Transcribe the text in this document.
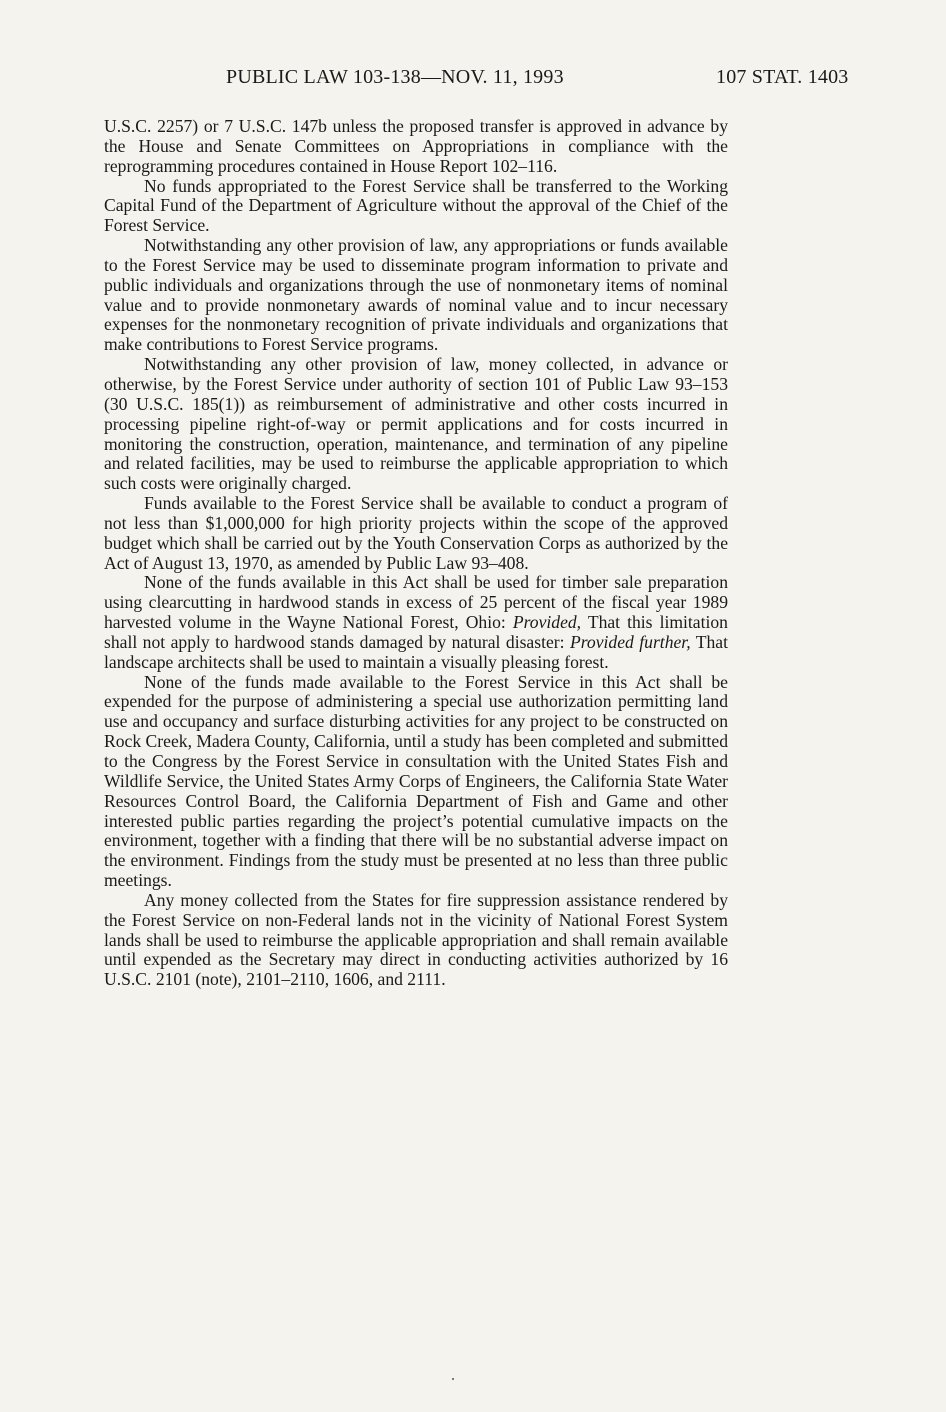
PUBLIC LAW 103-138—NOV. 11, 1993	107 STAT. 1403

U.S.C. 2257) or 7 U.S.C. 147b unless the proposed transfer is approved in advance by the House and Senate Committees on Appropriations in compliance with the reprogramming procedures contained in House Report 102–116.

No funds appropriated to the Forest Service shall be transferred to the Working Capital Fund of the Department of Agriculture without the approval of the Chief of the Forest Service.

Notwithstanding any other provision of law, any appropriations or funds available to the Forest Service may be used to disseminate program information to private and public individuals and organizations through the use of nonmonetary items of nominal value and to provide nonmonetary awards of nominal value and to incur necessary expenses for the nonmonetary recognition of private individuals and organizations that make contributions to Forest Service programs.

Notwithstanding any other provision of law, money collected, in advance or otherwise, by the Forest Service under authority of section 101 of Public Law 93–153 (30 U.S.C. 185(1)) as reimbursement of administrative and other costs incurred in processing pipeline right-of-way or permit applications and for costs incurred in monitoring the construction, operation, maintenance, and termination of any pipeline and related facilities, may be used to reimburse the applicable appropriation to which such costs were originally charged.

Funds available to the Forest Service shall be available to conduct a program of not less than $1,000,000 for high priority projects within the scope of the approved budget which shall be carried out by the Youth Conservation Corps as authorized by the Act of August 13, 1970, as amended by Public Law 93–408.

None of the funds available in this Act shall be used for timber sale preparation using clearcutting in hardwood stands in excess of 25 percent of the fiscal year 1989 harvested volume in the Wayne National Forest, Ohio: Provided, That this limitation shall not apply to hardwood stands damaged by natural disaster: Provided further, That landscape architects shall be used to maintain a visually pleasing forest.

None of the funds made available to the Forest Service in this Act shall be expended for the purpose of administering a special use authorization permitting land use and occupancy and surface disturbing activities for any project to be constructed on Rock Creek, Madera County, California, until a study has been completed and submitted to the Congress by the Forest Service in consultation with the United States Fish and Wildlife Service, the United States Army Corps of Engineers, the California State Water Resources Control Board, the California Department of Fish and Game and other interested public parties regarding the project’s potential cumulative impacts on the environment, together with a finding that there will be no substantial adverse impact on the environment. Findings from the study must be presented at no less than three public meetings.

Any money collected from the States for fire suppression assistance rendered by the Forest Service on non-Federal lands not in the vicinity of National Forest System lands shall be used to reimburse the applicable appropriation and shall remain available until expended as the Secretary may direct in conducting activities authorized by 16 U.S.C. 2101 (note), 2101–2110, 1606, and 2111.
